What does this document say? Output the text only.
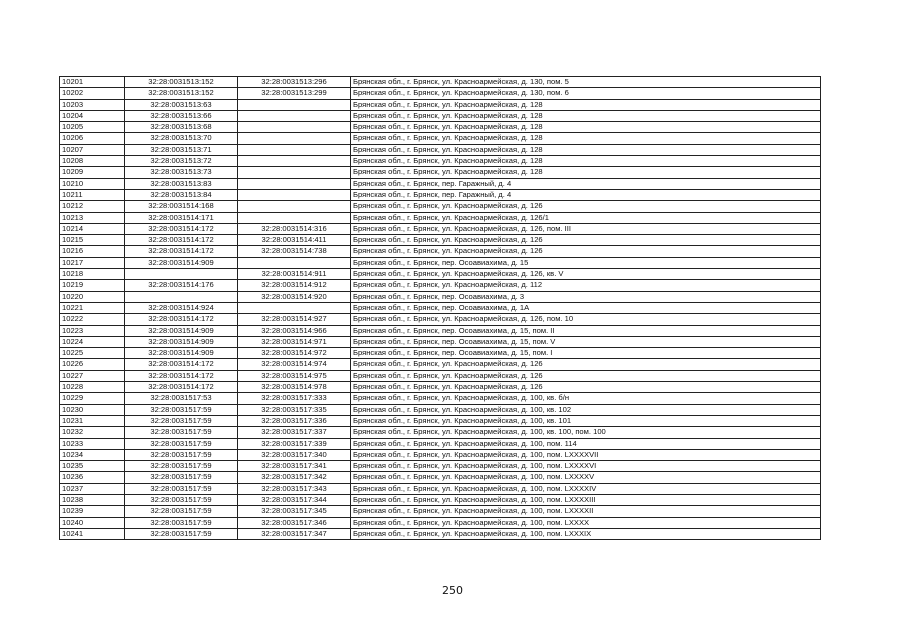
10201	32:28:0031513:152	32:28:0031513:296	Брянская обл., г. Брянск, ул. Красноармейская, д. 130, пом. 5
10202	32:28:0031513:152	32:28:0031513:299	Брянская обл., г. Брянск, ул. Красноармейская, д. 130, пом. 6
10203	32:28:0031513:63		Брянская обл., г. Брянск, ул. Красноармейская, д. 128
10204	32:28:0031513:66		Брянская обл., г. Брянск, ул. Красноармейская, д. 128
10205	32:28:0031513:68		Брянская обл., г. Брянск, ул. Красноармейская, д. 128
10206	32:28:0031513:70		Брянская обл., г. Брянск, ул. Красноармейская, д. 128
10207	32:28:0031513:71		Брянская обл., г. Брянск, ул. Красноармейская, д. 128
10208	32:28:0031513:72		Брянская обл., г. Брянск, ул. Красноармейская, д. 128
10209	32:28:0031513:73		Брянская обл., г. Брянск, ул. Красноармейская, д. 128
10210	32:28:0031513:83		Брянская обл., г. Брянск, пер. Гаражный, д. 4
10211	32:28:0031513:84		Брянская обл., г. Брянск, пер. Гаражный, д. 4
10212	32:28:0031514:168		Брянская обл., г. Брянск, ул. Красноармейская, д. 126
10213	32:28:0031514:171		Брянская обл., г. Брянск, ул. Красноармейская, д. 126/1
10214	32:28:0031514:172	32:28:0031514:316	Брянская обл., г. Брянск, ул. Красноармейская, д. 126, пом. III
10215	32:28:0031514:172	32:28:0031514:411	Брянская обл., г. Брянск, ул. Красноармейская, д. 126
10216	32:28:0031514:172	32:28:0031514:738	Брянская обл., г. Брянск, ул. Красноармейская, д. 126
10217	32:28:0031514:909		Брянская обл., г. Брянск, пер. Осоавиахима, д. 15
10218		32:28:0031514:911	Брянская обл., г. Брянск, ул. Красноармейская, д. 126, кв. V
10219	32:28:0031514:176	32:28:0031514:912	Брянская обл., г. Брянск, ул. Красноармейская, д. 112
10220		32:28:0031514:920	Брянская обл., г. Брянск, пер. Осоавиахима, д. 3
10221	32:28:0031514:924		Брянская обл., г. Брянск, пер. Осоавиахима, д. 1А
10222	32:28:0031514:172	32:28:0031514:927	Брянская обл., г. Брянск, ул. Красноармейская, д. 126, пом. 10
10223	32:28:0031514:909	32:28:0031514:966	Брянская обл., г. Брянск, пер. Осоавиахима, д. 15, пом. II
10224	32:28:0031514:909	32:28:0031514:971	Брянская обл., г. Брянск, пер. Осоавиахима, д. 15, пом. V
10225	32:28:0031514:909	32:28:0031514:972	Брянская обл., г. Брянск, пер. Осоавиахима, д. 15, пом. I
10226	32:28:0031514:172	32:28:0031514:974	Брянская обл., г. Брянск, ул. Красноармейская, д. 126
10227	32:28:0031514:172	32:28:0031514:975	Брянская обл., г. Брянск, ул. Красноармейская, д. 126
10228	32:28:0031514:172	32:28:0031514:978	Брянская обл., г. Брянск, ул. Красноармейская, д. 126
10229	32:28:0031517:53	32:28:0031517:333	Брянская обл., г. Брянск, ул. Красноармейская, д. 100, кв. б/н
10230	32:28:0031517:59	32:28:0031517:335	Брянская обл., г. Брянск, ул. Красноармейская, д. 100, кв. 102
10231	32:28:0031517:59	32:28:0031517:336	Брянская обл., г. Брянск, ул. Красноармейская, д. 100, кв. 101
10232	32:28:0031517:59	32:28:0031517:337	Брянская обл., г. Брянск, ул. Красноармейская, д. 100, кв. 100, пом. 100
10233	32:28:0031517:59	32:28:0031517:339	Брянская обл., г. Брянск, ул. Красноармейская, д. 100, пом. 114
10234	32:28:0031517:59	32:28:0031517:340	Брянская обл., г. Брянск, ул. Красноармейская, д. 100, пом. LXXXXVII
10235	32:28:0031517:59	32:28:0031517:341	Брянская обл., г. Брянск, ул. Красноармейская, д. 100, пом. LXXXXVI
10236	32:28:0031517:59	32:28:0031517:342	Брянская обл., г. Брянск, ул. Красноармейская, д. 100, пом. LXXXXV
10237	32:28:0031517:59	32:28:0031517:343	Брянская обл., г. Брянск, ул. Красноармейская, д. 100, пом. LXXXXIV
10238	32:28:0031517:59	32:28:0031517:344	Брянская обл., г. Брянск, ул. Красноармейская, д. 100, пом. LXXXXIII
10239	32:28:0031517:59	32:28:0031517:345	Брянская обл., г. Брянск, ул. Красноармейская, д. 100, пом. LXXXXII
10240	32:28:0031517:59	32:28:0031517:346	Брянская обл., г. Брянск, ул. Красноармейская, д. 100, пом. LXXXX
10241	32:28:0031517:59	32:28:0031517:347	Брянская обл., г. Брянск, ул. Красноармейская, д. 100, пом. LXXXIX
250
